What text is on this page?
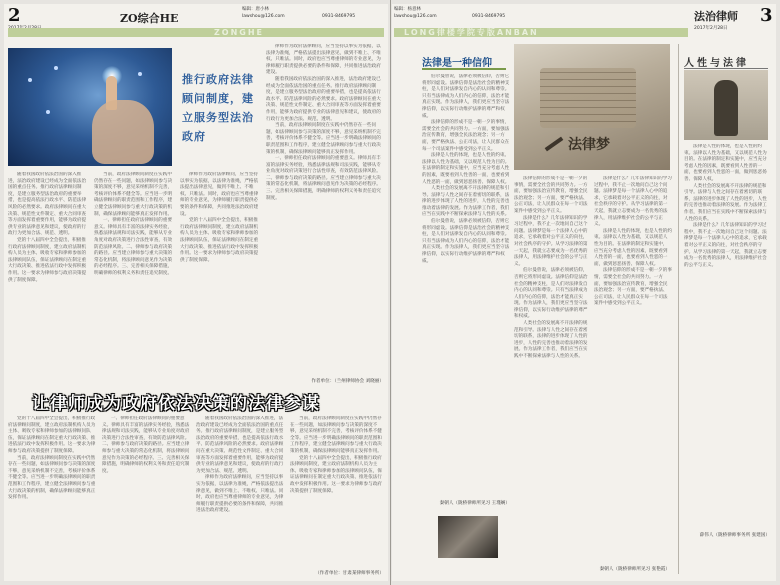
2	ZO综合HE
编辑：唐小林
lawshou@126.com	0931-8469795
ZONGHE
推行政府法律顾问制度，建立服务型法治政府

律师作为政府法律顾问，应当坚持以事实为依据，以法律为准绳，严格依法提出法律意见，做到不唯上、不唯权、只唯法。同时，政府也应当尊重律师的专业意见，为律师履行职责提供必要的条件和保障，共同推进法治政府建设。

随着我国政府依法治国的深入推进，法治政府建设已经成为全面依法治国的重点任务。推行政府法律顾问制度，是建立服务型法治政府的重要举措，也是提高依法行政水平、防范法律风险的必然要求。政府法律顾问在重大决策、规范性文件制定、重大合同审查等方面发挥着重要作用，能够为政府提供专业的法律意见和建议，使政府的行政行为更加合法、规范、透明。

当前，政府法律顾问制度在实践中仍然存在一些问题，如法律顾问参与决策的深度不够，意见采纳机制不完善，考核评价体系不健全等。应当进一步明确法律顾问的职责范围和工作程序，建立健全法律顾问参与重大行政决策的机制，确保法律顾问能够真正发挥作用。

一、律师担任政府法律顾问的重要意义。律师具有丰富的法律实务经验，熟悉法律法规和司法实践，能够从专业角度对政府决策进行合法性审查，有效防范法律风险。二、律师参与政府决策的路径。应当建立律师参与重大决策的常态化机制，将法律顾问意见作为决策的必经程序。三、完善相关保障措施，明确律师的权利义务和责任追究制度。

随着我国政府依法治国的深入推进，法治政府建设已经成为全面依法治国的重点任务。推行政府法律顾问制度，是建立服务型法治政府的重要举措，也是提高依法行政水平、防范法律风险的必然要求。政府法律顾问在重大决策、规范性文件制定、重大合同审查等方面发挥着重要作用，能够为政府提供专业的法律意见和建议，使政府的行政行为更加合法、规范、透明。

党的十八届四中全会提出，积极推行政府法律顾问制度，建立政府法制机构人员为主体、吸收专家和律师参加的法律顾问队伍，保证法律顾问在制定重大行政决策、推进依法行政中发挥积极作用。这一要求为律师参与政府决策提供了制度保障。

当前，政府法律顾问制度在实践中仍然存在一些问题，如法律顾问参与决策的深度不够，意见采纳机制不完善，考核评价体系不健全等。应当进一步明确法律顾问的职责范围和工作程序，建立健全法律顾问参与重大行政决策的机制，确保法律顾问能够真正发挥作用。

一、律师担任政府法律顾问的重要意义。律师具有丰富的法律实务经验，熟悉法律法规和司法实践，能够从专业角度对政府决策进行合法性审查，有效防范法律风险。二、律师参与政府决策的路径。应当建立律师参与重大决策的常态化机制，将法律顾问意见作为决策的必经程序。三、完善相关保障措施，明确律师的权利义务和责任追究制度。

律师作为政府法律顾问，应当坚持以事实为依据，以法律为准绳，严格依法提出法律意见，做到不唯上、不唯权、只唯法。同时，政府也应当尊重律师的专业意见，为律师履行职责提供必要的条件和保障，共同推进法治政府建设。

党的十八届四中全会提出，积极推行政府法律顾问制度，建立政府法制机构人员为主体、吸收专家和律师参加的法律顾问队伍，保证法律顾问在制定重大行政决策、推进依法行政中发挥积极作用。这一要求为律师参与政府决策提供了制度保障。

作者单位：（兰州律师协会 刘晓丽）
让律师成为政府依法决策的法律参谋

党的十八届四中全会提出，积极推行政府法律顾问制度，建立政府法制机构人员为主体、吸收专家和律师参加的法律顾问队伍，保证法律顾问在制定重大行政决策、推进依法行政中发挥积极作用。这一要求为律师参与政府决策提供了制度保障。

当前，政府法律顾问制度在实践中仍然存在一些问题，如法律顾问参与决策的深度不够，意见采纳机制不完善，考核评价体系不健全等。应当进一步明确法律顾问的职责范围和工作程序，建立健全法律顾问参与重大行政决策的机制，确保法律顾问能够真正发挥作用。

一、律师担任政府法律顾问的重要意义。律师具有丰富的法律实务经验，熟悉法律法规和司法实践，能够从专业角度对政府决策进行合法性审查，有效防范法律风险。二、律师参与政府决策的路径。应当建立律师参与重大决策的常态化机制，将法律顾问意见作为决策的必经程序。三、完善相关保障措施，明确律师的权利义务和责任追究制度。

随着我国政府依法治国的深入推进，法治政府建设已经成为全面依法治国的重点任务。推行政府法律顾问制度，是建立服务型法治政府的重要举措，也是提高依法行政水平、防范法律风险的必然要求。政府法律顾问在重大决策、规范性文件制定、重大合同审查等方面发挥着重要作用，能够为政府提供专业的法律意见和建议，使政府的行政行为更加合法、规范、透明。

律师作为政府法律顾问，应当坚持以事实为依据，以法律为准绳，严格依法提出法律意见，做到不唯上、不唯权、只唯法。同时，政府也应当尊重律师的专业意见，为律师履行职责提供必要的条件和保障，共同推进法治政府建设。

当前，政府法律顾问制度在实践中仍然存在一些问题，如法律顾问参与决策的深度不够，意见采纳机制不完善，考核评价体系不健全等。应当进一步明确法律顾问的职责范围和工作程序，建立健全法律顾问参与重大行政决策的机制，确保法律顾问能够真正发挥作用。

党的十八届四中全会提出，积极推行政府法律顾问制度，建立政府法制机构人员为主体、吸收专家和律师参加的法律顾问队伍，保证法律顾问在制定重大行政决策、推进依法行政中发挥积极作用。这一要求为律师参与政府决策提供了制度保障。

（作者单位：甘肃某律师事务所）
编辑：杨意林
lawshou@126.com	0931-8469795	法治律师
2017年2月28日
3
LONG律楼学院专版ANBAN
法律是一种信仰

伯尔曼曾说，法律必须被信仰，否则它将形同虚设。法律信仰是法治社会的精神支柱，是人们对法律发自内心的认同和尊崇。只有当法律成为人们内心的信仰，法治才能真正实现。作为法律人，我们更应当坚守法律信仰，以实际行动维护法律的尊严和权威。

法律信仰的形成不是一朝一夕的事情，需要全社会的共同努力。一方面，要加强法治宣传教育，增强全民法治观念；另一方面，要严格执法、公正司法，让人民群众在每一个司法案件中感受到公平正义。

法律是人性的体现，也是人性的约束。法律以人性为基础，又以规范人性为目的。在法律的制定和实施中，应当充分考虑人性的因素，既要看到人性善的一面，也要看到人性恶的一面，做到惩恶扬善、保障人权。

人类社会的发展离不开法律的规范和引导。法律与人性之间存在着密切的联系，法律的进步体现了人性的进步，人性的完善也推动着法律的发展。作为法律工作者，我们应当在实践中不断探索法律与人性的关系。

伯尔曼曾说，法律必须被信仰，否则它将形同虚设。法律信仰是法治社会的精神支柱，是人们对法律发自内心的认同和尊崇。只有当法律成为人们内心的信仰，法治才能真正实现。作为法律人，我们更应当坚守法律信仰，以实际行动维护法律的尊严和权威。

秦朝人（陇桥律师所见习 王瑾娴）
法律梦

法律信仰的形成不是一朝一夕的事情，需要全社会的共同努力。一方面，要加强法治宣传教育，增强全民法治观念；另一方面，要严格执法、公正司法，让人民群众在每一个司法案件中感受到公平正义。

法律是什么？几年法律知识的学习过程中，我不止一次地问自己这个问题。法律梦是每一个法律人心中的追求，它承载着对公平正义的向往，对社会秩序的守护。从学习法律的第一天起，我就立志要成为一名优秀的法律人，用法律维护社会的公平与正义。

伯尔曼曾说，法律必须被信仰，否则它将形同虚设。法律信仰是法治社会的精神支柱，是人们对法律发自内心的认同和尊崇。只有当法律成为人们内心的信仰，法治才能真正实现。作为法律人，我们更应当坚守法律信仰，以实际行动维护法律的尊严和权威。

人类社会的发展离不开法律的规范和引导。法律与人性之间存在着密切的联系，法律的进步体现了人性的进步，人性的完善也推动着法律的发展。作为法律工作者，我们应当在实践中不断探索法律与人性的关系。

法律是什么？几年法律知识的学习过程中，我不止一次地问自己这个问题。法律梦是每一个法律人心中的追求，它承载着对公平正义的向往，对社会秩序的守护。从学习法律的第一天起，我就立志要成为一名优秀的法律人，用法律维护社会的公平与正义。

法律是人性的体现，也是人性的约束。法律以人性为基础，又以规范人性为目的。在法律的制定和实施中，应当充分考虑人性的因素，既要看到人性善的一面，也要看到人性恶的一面，做到惩恶扬善、保障人权。

法律信仰的形成不是一朝一夕的事情，需要全社会的共同努力。一方面，要加强法治宣传教育，增强全民法治观念；另一方面，要严格执法、公正司法，让人民群众在每一个司法案件中感受到公平正义。

秦朝人（陇桥律师所见习 张艳霞）
人性与法律

法律是人性的体现，也是人性的约束。法律以人性为基础，又以规范人性为目的。在法律的制定和实施中，应当充分考虑人性的因素，既要看到人性善的一面，也要看到人性恶的一面，做到惩恶扬善、保障人权。

人类社会的发展离不开法律的规范和引导。法律与人性之间存在着密切的联系，法律的进步体现了人性的进步，人性的完善也推动着法律的发展。作为法律工作者，我们应当在实践中不断探索法律与人性的关系。

法律是什么？几年法律知识的学习过程中，我不止一次地问自己这个问题。法律梦是每一个法律人心中的追求，它承载着对公平正义的向往，对社会秩序的守护。从学习法律的第一天起，我就立志要成为一名优秀的法律人，用法律维护社会的公平与正义。

薛伟人（陇桥律师事务所 张建国）
